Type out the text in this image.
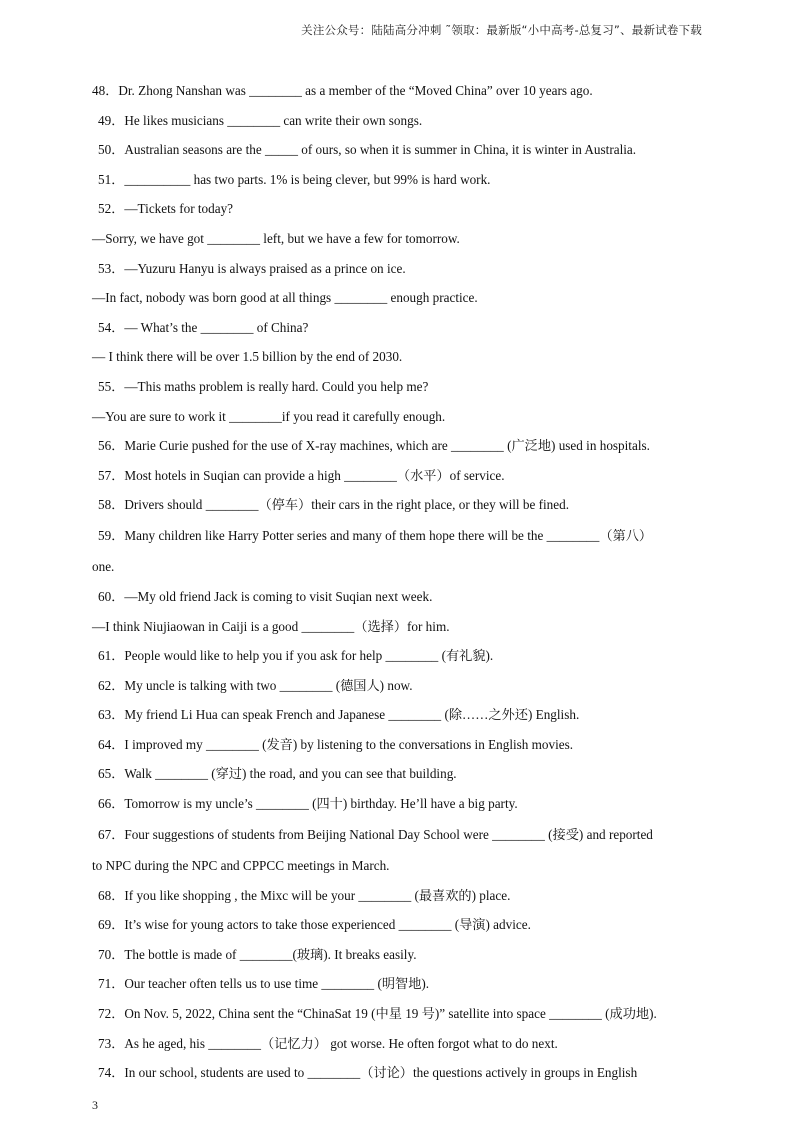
关注公众号：陆陆高分冲刺 ˜领取：最新版“小中高考-总复习”、最新试卷下载
48．Dr. Zhong Nanshan was ________ as a member of the “Moved China” over 10 years ago.
49．He likes musicians ________ can write their own songs.
50．Australian seasons are the _____ of ours, so when it is summer in China, it is winter in Australia.
51．__________ has two parts. 1% is being clever, but 99% is hard work.
52．—Tickets for today?
—Sorry, we have got ________ left, but we have a few for tomorrow.
53．—Yuzuru Hanyu is always praised as a prince on ice.
—In fact, nobody was born good at all things ________ enough practice.
54．— What’s the ________ of China?
— I think there will be over 1.5 billion by the end of 2030.
55．—This maths problem is really hard. Could you help me?
—You are sure to work it ________if you read it carefully enough.
56．Marie Curie pushed for the use of X-ray machines, which are ________ (广泛地) used in hospitals.
57．Most hotels in Suqian can provide a high ________（水平）of service.
58．Drivers should ________（停车）their cars in the right place, or they will be fined.
59．Many children like Harry Potter series and many of them hope there will be the ________（第八）
one.
60．—My old friend Jack is coming to visit Suqian next week.
—I think Niujiaowan in Caiji is a good ________（选择）for him.
61．People would like to help you if you ask for help ________ (有礼貌).
62．My uncle is talking with two ________ (德国人) now.
63．My friend Li Hua can speak French and Japanese ________ (除……之外还) English.
64．I improved my ________ (发音) by listening to the conversations in English movies.
65．Walk ________ (穿过) the road, and you can see that building.
66．Tomorrow is my uncle’s ________ (四十) birthday. He’ll have a big party.
67．Four suggestions of students from Beijing National Day School were ________ (接受) and reported
to NPC during the NPC and CPPCC meetings in March.
68．If you like shopping , the Mixc will be your ________ (最喜欢的) place.
69．It’s wise for young actors to take those experienced ________ (导演) advice.
70．The bottle is made of ________(玻璃). It breaks easily.
71．Our teacher often tells us to use time ________ (明智地).
72．On Nov. 5, 2022, China sent the “ChinaSat 19 (中星 19 号)” satellite into space ________ (成功地).
73．As he aged, his ________（记忆力） got worse. He often forgot what to do next.
74．In our school, students are used to ________（讨论）the questions actively in groups in English
3
